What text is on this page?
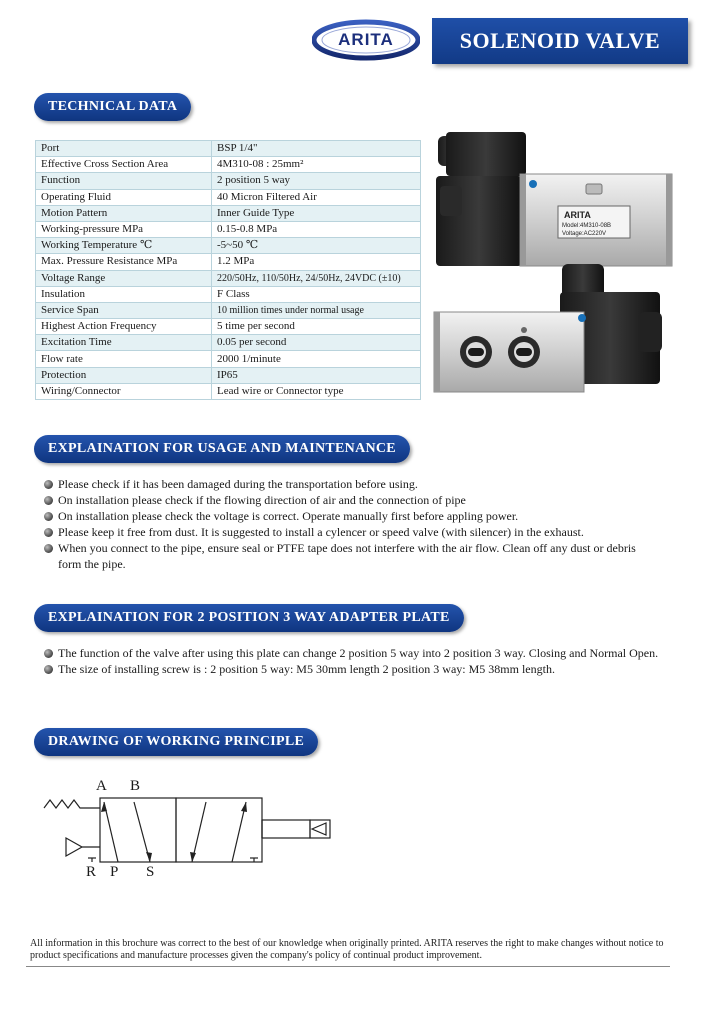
ARITA	SOLENOID VALVE
TECHNICAL DATA
Port	BSP 1/4"
Effective Cross Section Area	4M310-08 : 25mm²
Function	2 position 5 way
Operating Fluid	40 Micron Filtered Air
Motion Pattern	Inner Guide Type
Working-pressure MPa	0.15-0.8 MPa
Working Temperature ℃	-5~50 ℃
Max. Pressure Resistance MPa	1.2 MPa
Voltage Range	220/50Hz, 110/50Hz, 24/50Hz, 24VDC (±10)
Insulation	F Class
Service Span	10 million times under normal usage
Highest Action Frequency	5 time per second
Excitation Time	0.05 per second
Flow rate	2000 1/minute
Protection	IP65
Wiring/Connector	Lead wire or Connector type
ARITA
Model:4M310-08B
Voltage:AC220V
EXPLAINATION FOR USAGE AND MAINTENANCE
Please check if it has been damaged during the transportation before using.
On installation please check if the flowing direction of air and the connection of pipe
On installation please check the voltage is correct. Operate manually first before appling power.
Please keep it free from dust. It is suggested to install a cylencer or speed valve (with silencer) in the exhaust.
When you connect to the pipe, ensure seal or PTFE tape does not interfere with the air flow. Clean off any dust or debris form the pipe.
EXPLAINATION FOR 2 POSITION 3 WAY ADAPTER PLATE
The function of the valve after using this plate can change 2 position 5 way into 2 position 3 way. Closing and Normal Open.
The size of installing screw is : 2 position 5 way: M5 30mm length 2 position 3 way: M5 38mm length.
DRAWING OF WORKING PRINCIPLE
A B
R P S
All information in this brochure was correct to the best of our knowledge when originally printed. ARITA reserves the right to make changes without notice to product specifications and manufacture processes given the company's policy of continual product improvement.
